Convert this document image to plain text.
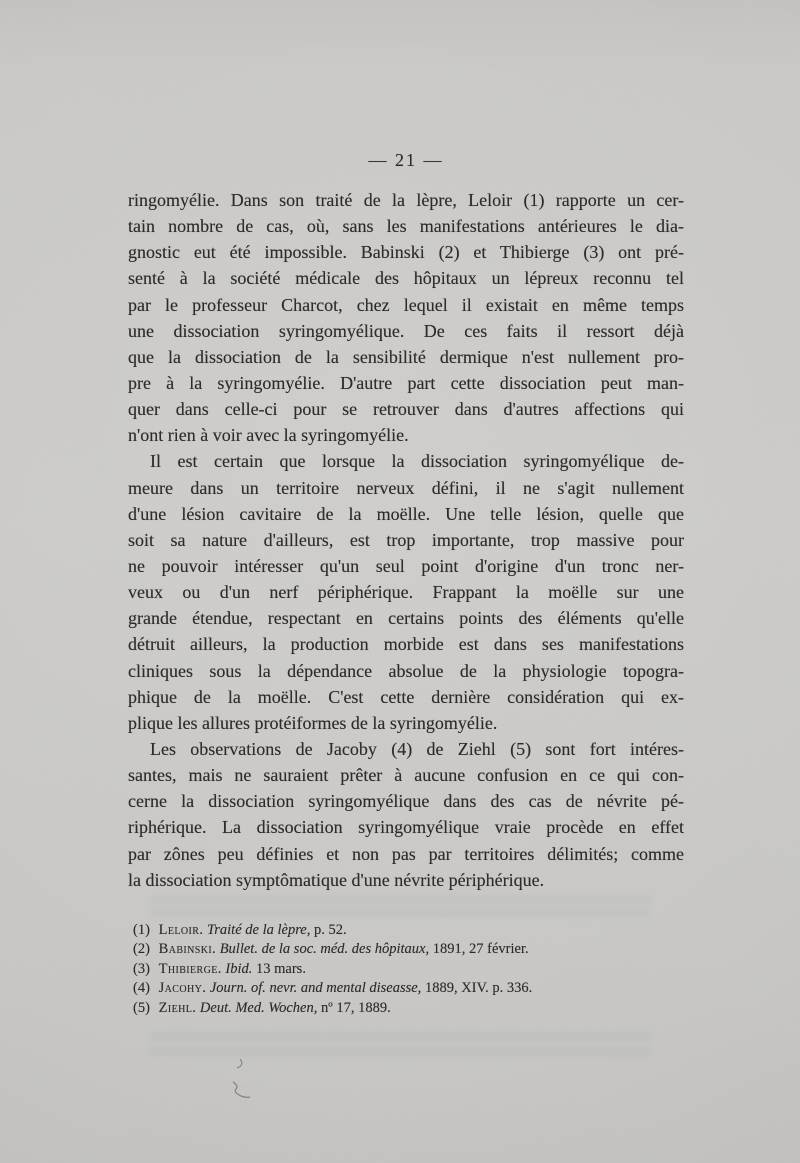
— 21 —
ringomyélie. Dans son traité de la lèpre, Leloir (1) rapporte un cer-
tain nombre de cas, où, sans les manifestations antérieures le dia-
gnostic eut été impossible. Babinski (2) et Thibierge (3) ont pré-
senté à la société médicale des hôpitaux un lépreux reconnu tel
par le professeur Charcot, chez lequel il existait en même temps
une dissociation syringomyélique. De ces faits il ressort déjà
que la dissociation de la sensibilité dermique n'est nullement pro-
pre à la syringomyélie. D'autre part cette dissociation peut man-
quer dans celle-ci pour se retrouver dans d'autres affections qui
n'ont rien à voir avec la syringomyélie.
Il est certain que lorsque la dissociation syringomyélique de-
meure dans un territoire nerveux défini, il ne s'agit nullement
d'une lésion cavitaire de la moëlle. Une telle lésion, quelle que
soit sa nature d'ailleurs, est trop importante, trop massive pour
ne pouvoir intéresser qu'un seul point d'origine d'un tronc ner-
veux ou d'un nerf périphérique. Frappant la moëlle sur une
grande étendue, respectant en certains points des éléments qu'elle
détruit ailleurs, la production morbide est dans ses manifestations
cliniques sous la dépendance absolue de la physiologie topogra-
phique de la moëlle. C'est cette dernière considération qui ex-
plique les allures protéiformes de la syringomyélie.
Les observations de Jacoby (4) de Ziehl (5) sont fort intéres-
santes, mais ne sauraient prêter à aucune confusion en ce qui con-
cerne la dissociation syringomyélique dans des cas de névrite pé-
riphérique. La dissociation syringomyélique vraie procède en effet
par zônes peu définies et non pas par territoires délimités; comme
la dissociation symptômatique d'une névrite périphérique.
(1) Leloir. Traité de la lèpre, p. 52.
(2) Babinski. Bullet. de la soc. méd. des hôpitaux, 1891, 27 février.
(3) Thibierge. Ibid. 13 mars.
(4) Jacohy. Journ. of. nevr. and mental diseasse, 1889, XIV. p. 336.
(5) Ziehl. Deut. Med. Wochen, nº 17, 1889.
